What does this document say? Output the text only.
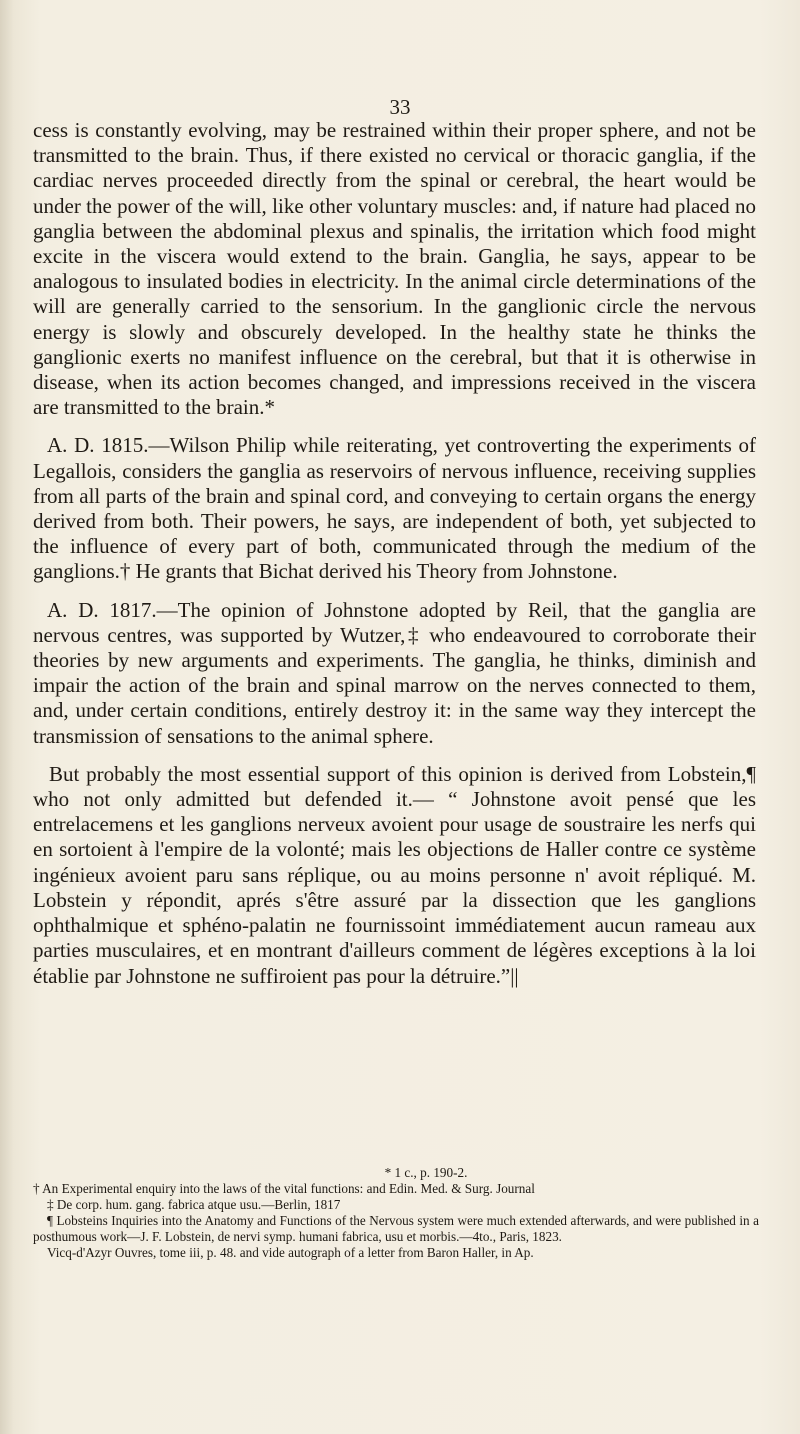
33

cess is constantly evolving, may be restrained within their proper sphere, and not be transmitted to the brain. Thus, if there existed no cervical or thoracic ganglia, if the cardiac nerves proceeded directly from the spinal or cerebral, the heart would be under the power of the will, like other voluntary muscles: and, if nature had placed no ganglia between the abdominal plexus and spinalis, the irritation which food might excite in the viscera would extend to the brain. Ganglia, he says, appear to be analogous to insulated bodies in electricity. In the animal circle determinations of the will are generally carried to the sensorium. In the ganglionic circle the nervous energy is slowly and obscurely developed. In the healthy state he thinks the ganglionic exerts no manifest influence on the cerebral, but that it is otherwise in disease, when its action becomes changed, and impressions received in the viscera are transmitted to the brain.*

A. D. 1815.—Wilson Philip while reiterating, yet controverting the experiments of Legallois, considers the ganglia as reservoirs of nervous influence, receiving supplies from all parts of the brain and spinal cord, and conveying to certain organs the energy derived from both. Their powers, he says, are independent of both, yet subjected to the influence of every part of both, communicated through the medium of the ganglions.† He grants that Bichat derived his Theory from Johnstone.

A. D. 1817.—The opinion of Johnstone adopted by Reil, that the ganglia are nervous centres, was supported by Wutzer,‡ who endeavoured to corroborate their theories by new arguments and experiments. The ganglia, he thinks, diminish and impair the action of the brain and spinal marrow on the nerves connected to them, and, under certain conditions, entirely destroy it: in the same way they intercept the transmission of sensations to the animal sphere.

But probably the most essential support of this opinion is derived from Lobstein,¶ who not only admitted but defended it.— “ Johnstone avoit pensé que les entrelacemens et les ganglions nerveux avoient pour usage de soustraire les nerfs qui en sortoient à l'empire de la volonté; mais les objections de Haller contre ce système ingénieux avoient paru sans réplique, ou au moins personne n' avoit répliqué. M. Lobstein y répondit, aprés s'être assuré par la dissection que les ganglions ophthalmique et sphéno-palatin ne fournissoint immédiatement aucun rameau aux parties musculaires, et en montrant d'ailleurs comment de légères exceptions à la loi établie par Johnstone ne suffiroient pas pour la détruire.”||

* 1 c., p. 190-2.

† An Experimental enquiry into the laws of the vital functions: and Edin. Med. & Surg. Journal

‡ De corp. hum. gang. fabrica atque usu.—Berlin, 1817

¶ Lobsteins Inquiries into the Anatomy and Functions of the Nervous system were much extended afterwards, and were published in a posthumous work—J. F. Lobstein, de nervi symp. humani fabrica, usu et morbis.—4to., Paris, 1823.

Vicq-d'Azyr Ouvres, tome iii, p. 48. and vide autograph of a letter from Baron Haller, in Ap.
